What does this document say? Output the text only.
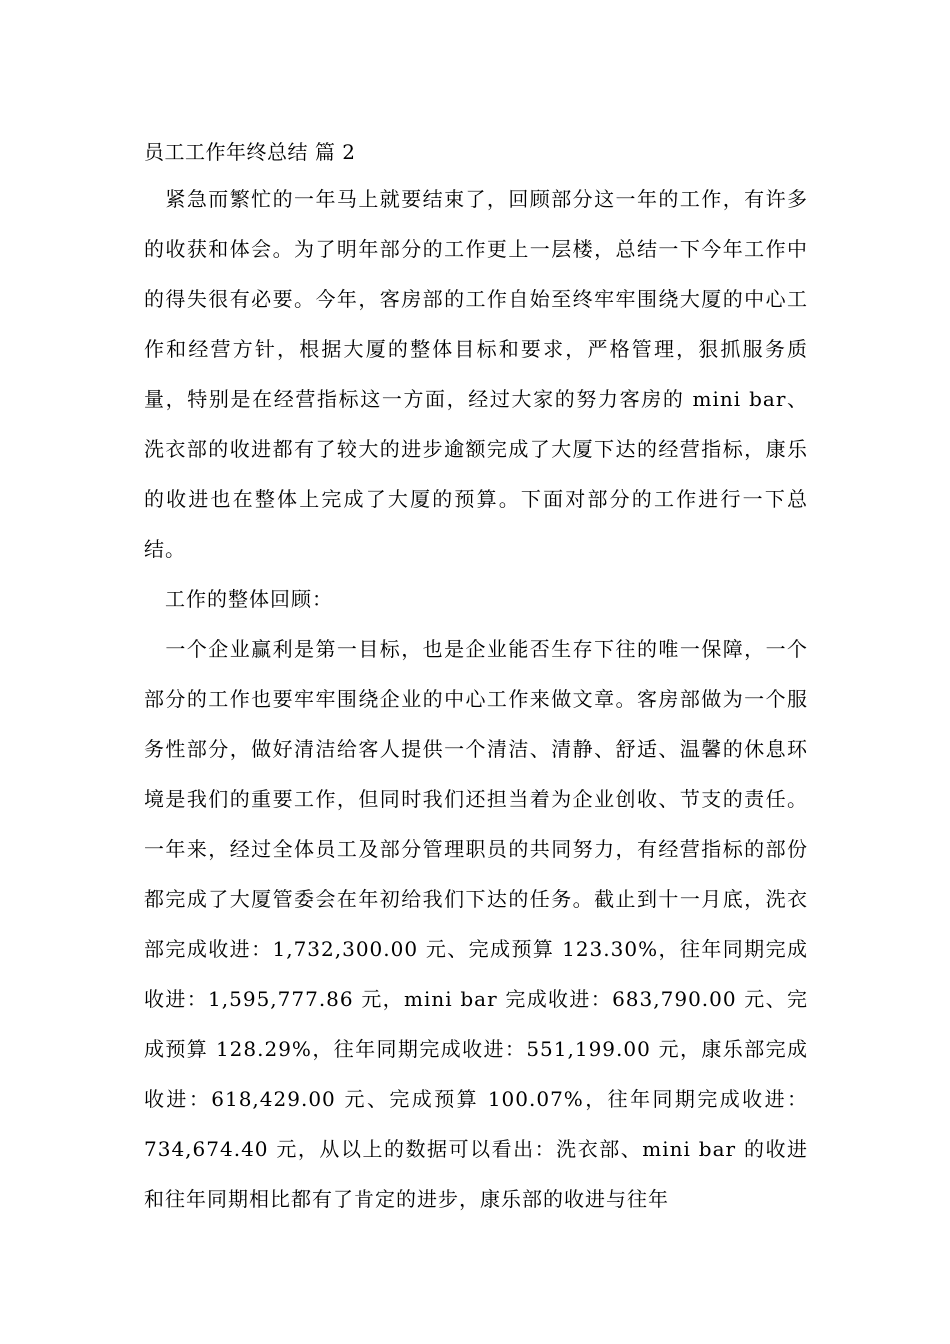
员工工作年终总结 篇 2

　紧急而繁忙的一年马上就要结束了，回顾部分这一年的工作，有许多的收获和体会。为了明年部分的工作更上一层楼，总结一下今年工作中的得失很有必要。今年，客房部的工作自始至终牢牢围绕大厦的中心工作和经营方针，根据大厦的整体目标和要求，严格管理，狠抓服务质量，特别是在经营指标这一方面，经过大家的努力客房的 mini bar、洗衣部的收进都有了较大的进步逾额完成了大厦下达的经营指标，康乐的收进也在整体上完成了大厦的预算。下面对部分的工作进行一下总结。

　工作的整体回顾：

　一个企业赢利是第一目标，也是企业能否生存下往的唯一保障，一个部分的工作也要牢牢围绕企业的中心工作来做文章。客房部做为一个服务性部分，做好清洁给客人提供一个清洁、清静、舒适、温馨的休息环境是我们的重要工作，但同时我们还担当着为企业创收、节支的责任。一年来，经过全体员工及部分管理职员的共同努力，有经营指标的部份都完成了大厦管委会在年初给我们下达的任务。截止到十一月底，洗衣部完成收进：1,732,300.00 元、完成预算 123.30%，往年同期完成收进：1,595,777.86 元，mini bar 完成收进：683,790.00 元、完成预算 128.29%，往年同期完成收进：551,199.00 元，康乐部完成收进：618,429.00 元、完成预算 100.07%，往年同期完成收进：734,674.40 元，从以上的数据可以看出：洗衣部、mini bar 的收进和往年同期相比都有了肯定的进步，康乐部的收进与往年
